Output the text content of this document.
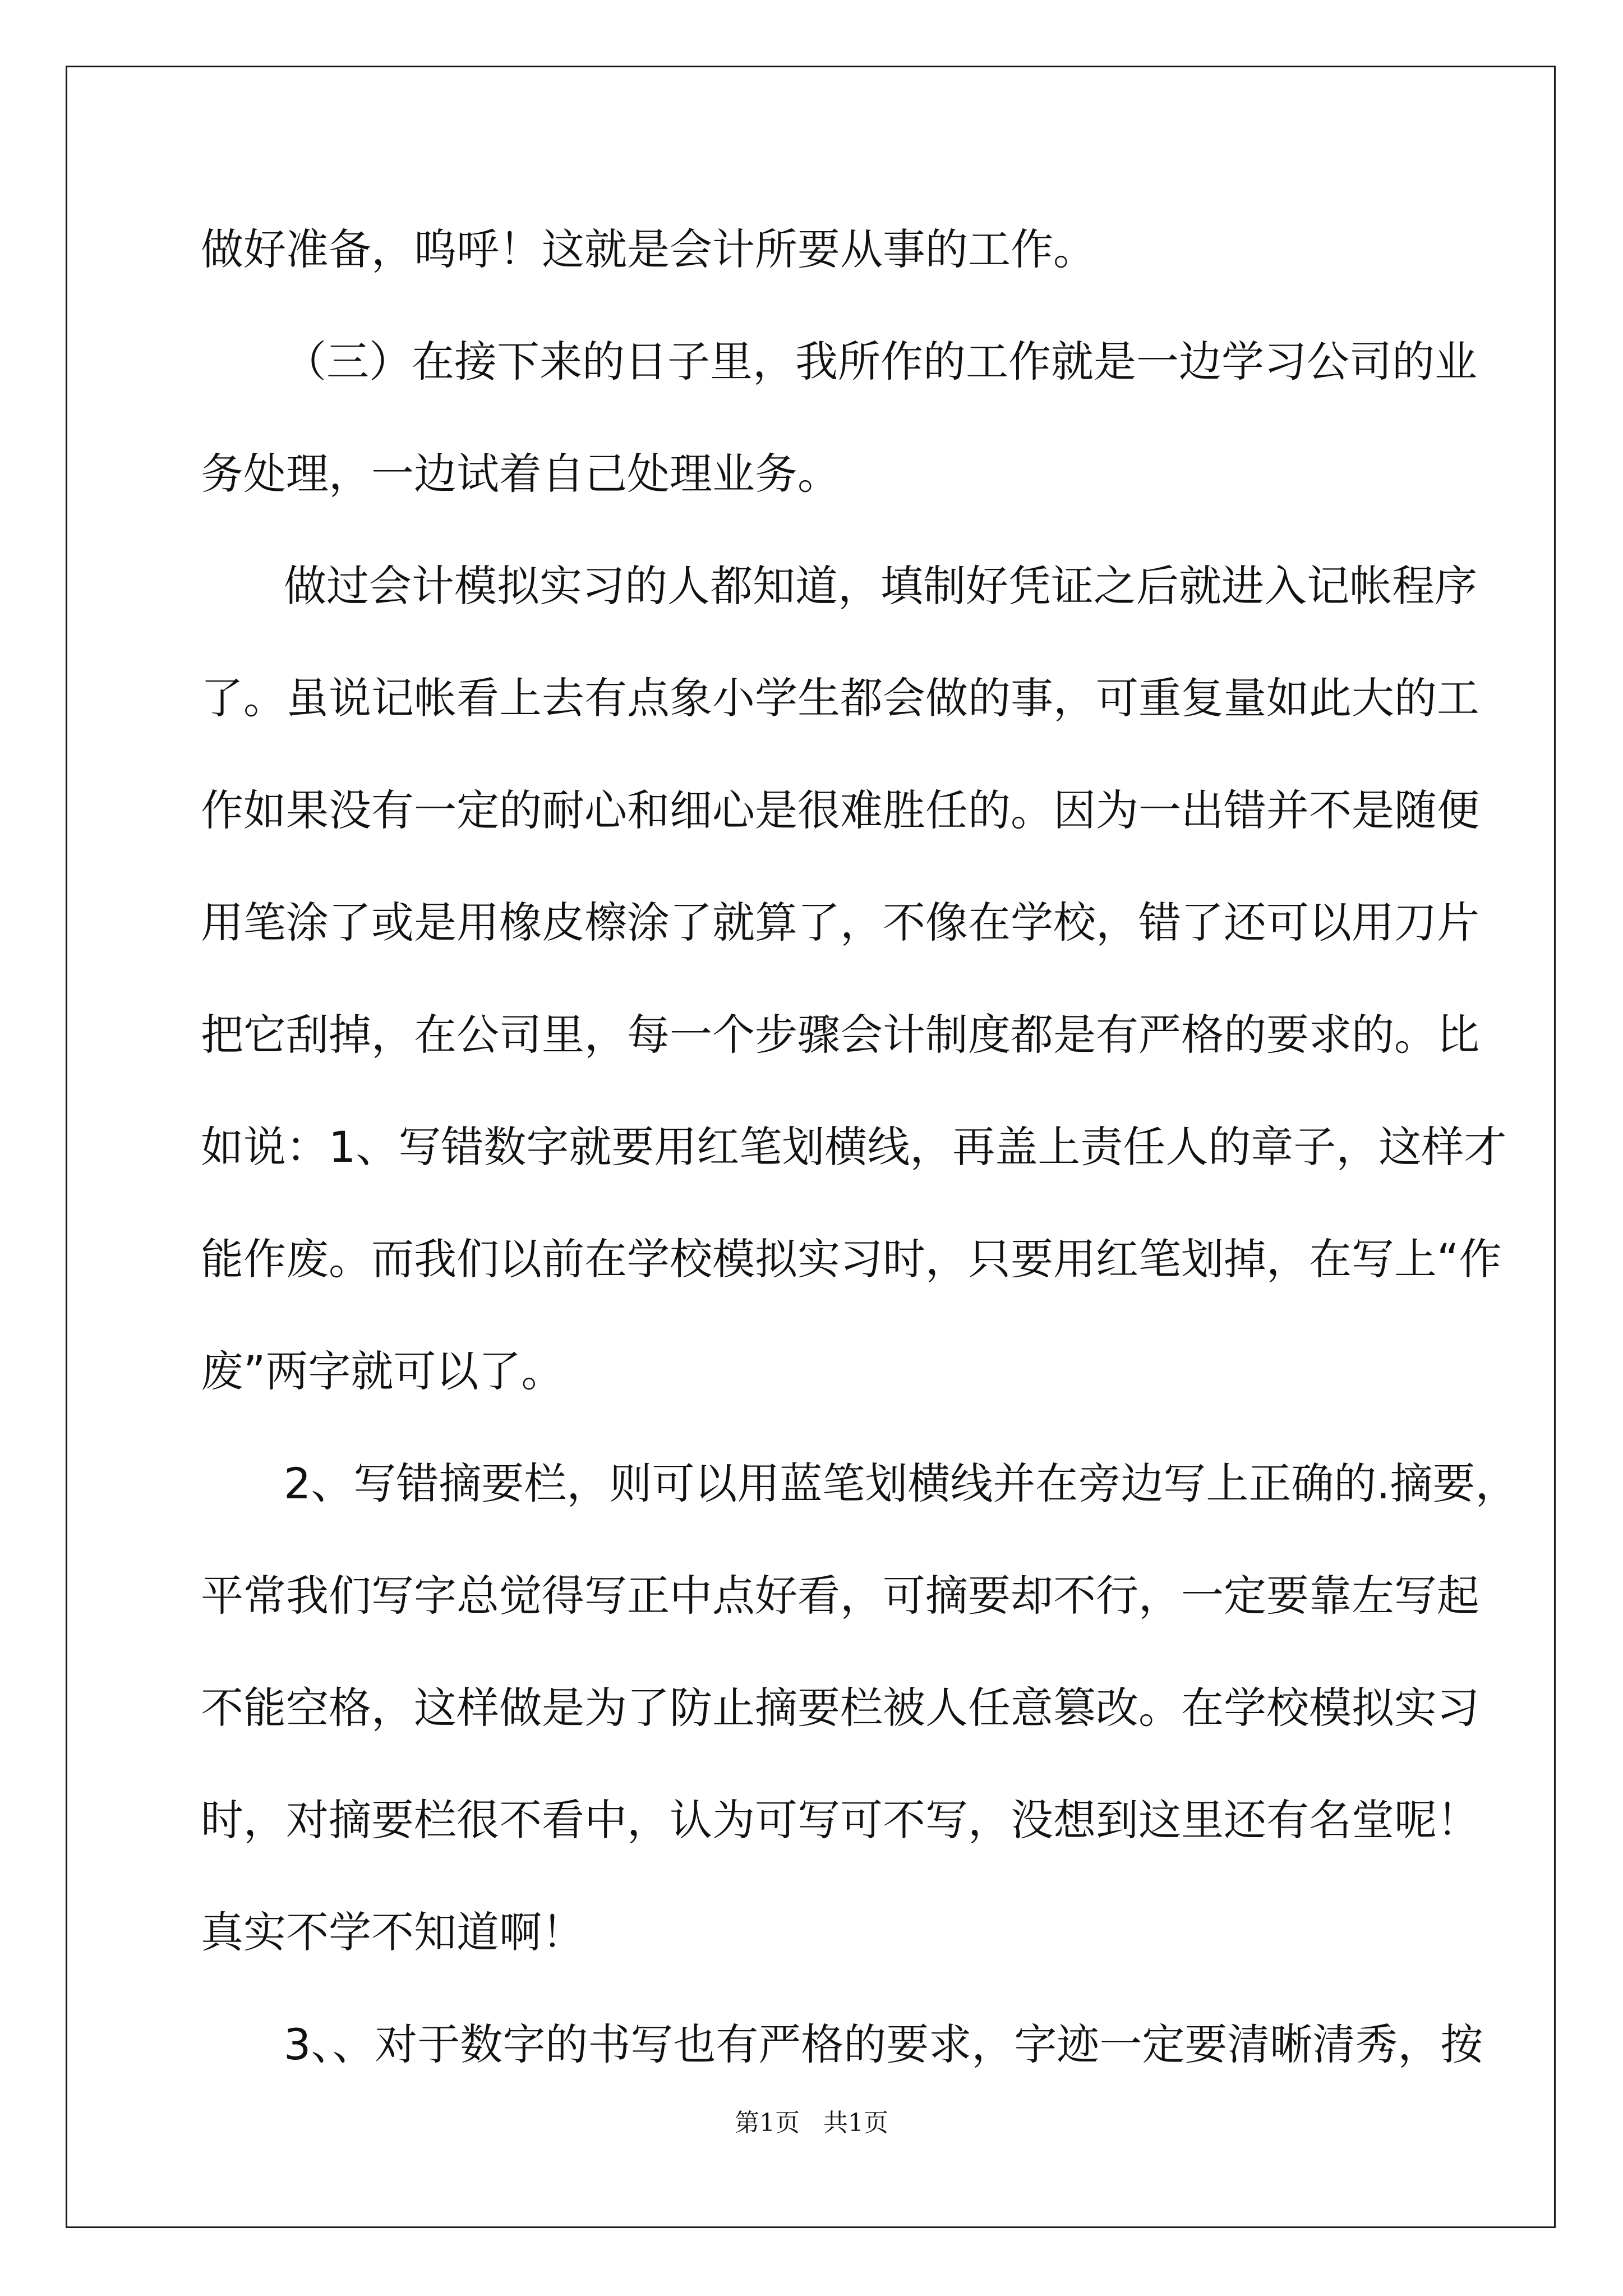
做好准备，呜呼！这就是会计所要从事的工作。
（三）在接下来的日子里，我所作的工作就是一边学习公司的业
务处理，一边试着自己处理业务。
做过会计模拟实习的人都知道，填制好凭证之后就进入记帐程序
了。虽说记帐看上去有点象小学生都会做的事，可重复量如此大的工
作如果没有一定的耐心和细心是很难胜任的。因为一出错并不是随便
用笔涂了或是用橡皮檫涂了就算了，不像在学校，错了还可以用刀片
把它刮掉，在公司里，每一个步骤会计制度都是有严格的要求的。比
如说：1、写错数字就要用红笔划横线，再盖上责任人的章子，这样才
能作废。而我们以前在学校模拟实习时，只要用红笔划掉，在写上“作
废”两字就可以了。
2、写错摘要栏，则可以用蓝笔划横线并在旁边写上正确的.摘要，
平常我们写字总觉得写正中点好看，可摘要却不行，一定要靠左写起
不能空格，这样做是为了防止摘要栏被人任意篡改。在学校模拟实习
时，对摘要栏很不看中，认为可写可不写，没想到这里还有名堂呢！
真实不学不知道啊！
3、、对于数字的书写也有严格的要求，字迹一定要清晰清秀，按
第1页   共1页
